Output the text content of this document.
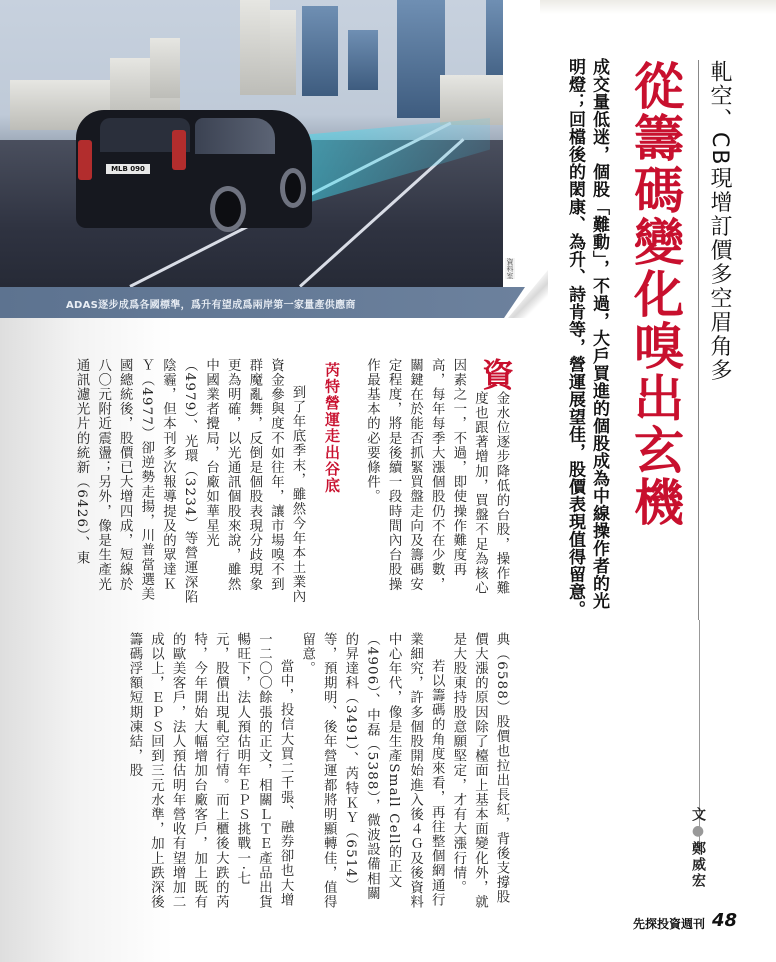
MLB 090
資料室
ADAS逐步成爲各國標準，爲升有望成爲兩岸第一家量產供應商	軋空、CB現增訂價多空眉角多
從籌碼變化嗅出玄機
成交量低迷，個股「難動」，不過，大戶買進的個股成為中線操作者的光明燈；回檔後的閎康、為升、詩肯等，營運展望佳，股價表現值得留意。
文●鄭威宏
資
金水位逐步降低的台股，操作難度也跟著增加，買盤不足為核心因素之一，不過，即使操作難度再高，每年每季大漲個股仍不在少數，關鍵在於能否抓緊買盤走向及籌碼安定程度，將是後續一段時間內台股操作最基本的必要條件。
芮特營運走出谷底
到了年底季末，雖然今年本土業內資金參與度不如往年，讓市場嗅不到群魔亂舞，反倒是個股表現分歧現象更為明確，以光通訊個股來說，雖然中國業者攪局，台廠如華星光（4979）、光環（3234）等營運深陷陰霾，但本刊多次報導提及的眾達ＫＹ（4977）卻逆勢走揚，川普當選美國總統後，股價已大增四成，短線於八〇元附近震盪；另外，像是生產光通訊濾光片的統新（6426）、東
典（6588）股價也拉出長紅，背後支撐股價大漲的原因除了檯面上基本面變化外，就是大股東持股意願堅定，才有大漲行情。
若以籌碼的角度來看，再往整個網通行業細究，許多個股開始進入後４Ｇ及後資料中心年代，像是生產Small Cell的正文（4906）、中磊（5388），微波設備相關的昇達科（3491）、芮特ＫＹ（6514）等，預期明、後年營運都將明顯轉佳，值得留意。
當中，投信大買二千張、融券卻也大增一二〇〇餘張的正文，相關ＬＴＥ產品出貨暢旺下，法人預估明年ＥＰＳ挑戰一‧七元，股價出現軋空行情。而上櫃後大跌的芮特，今年開始大幅增加台廠客戶，加上既有的歐美客戶，法人預估明年營收有望增加二成以上，ＥＰＳ回到三元水準，加上跌深後籌碼浮額短期凍結，股
先探投資週刊 48
